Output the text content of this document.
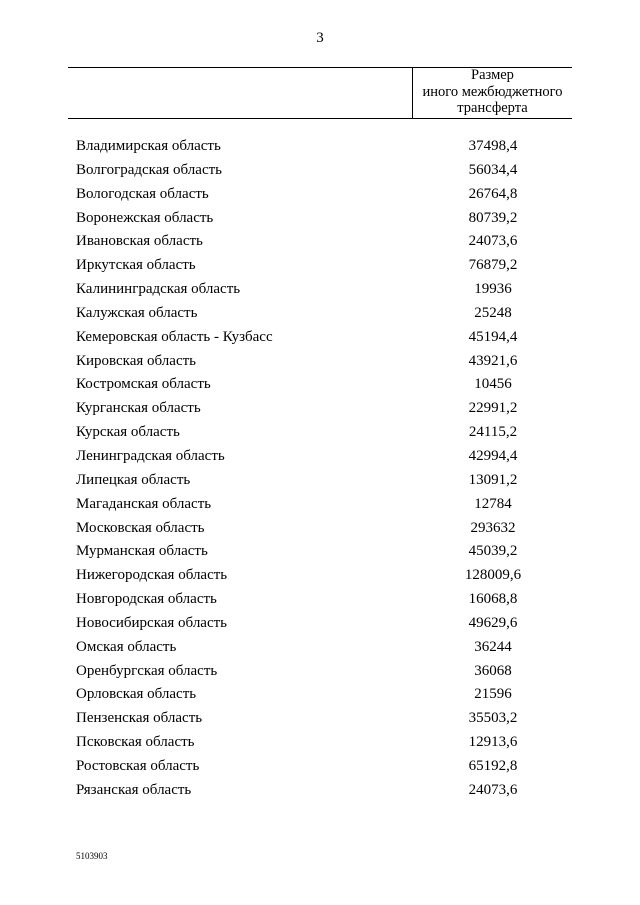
3
Размер
иного межбюджетного
трансферта
Владимирская область	37498,4
Волгоградская область	56034,4
Вологодская область	26764,8
Воронежская область	80739,2
Ивановская область	24073,6
Иркутская область	76879,2
Калининградская область	19936
Калужская область	25248
Кемеровская область - Кузбасс	45194,4
Кировская область	43921,6
Костромская область	10456
Курганская область	22991,2
Курская область	24115,2
Ленинградская область	42994,4
Липецкая область	13091,2
Магаданская область	12784
Московская область	293632
Мурманская область	45039,2
Нижегородская область	128009,6
Новгородская область	16068,8
Новосибирская область	49629,6
Омская область	36244
Оренбургская область	36068
Орловская область	21596
Пензенская область	35503,2
Псковская область	12913,6
Ростовская область	65192,8
Рязанская область	24073,6
5103903
